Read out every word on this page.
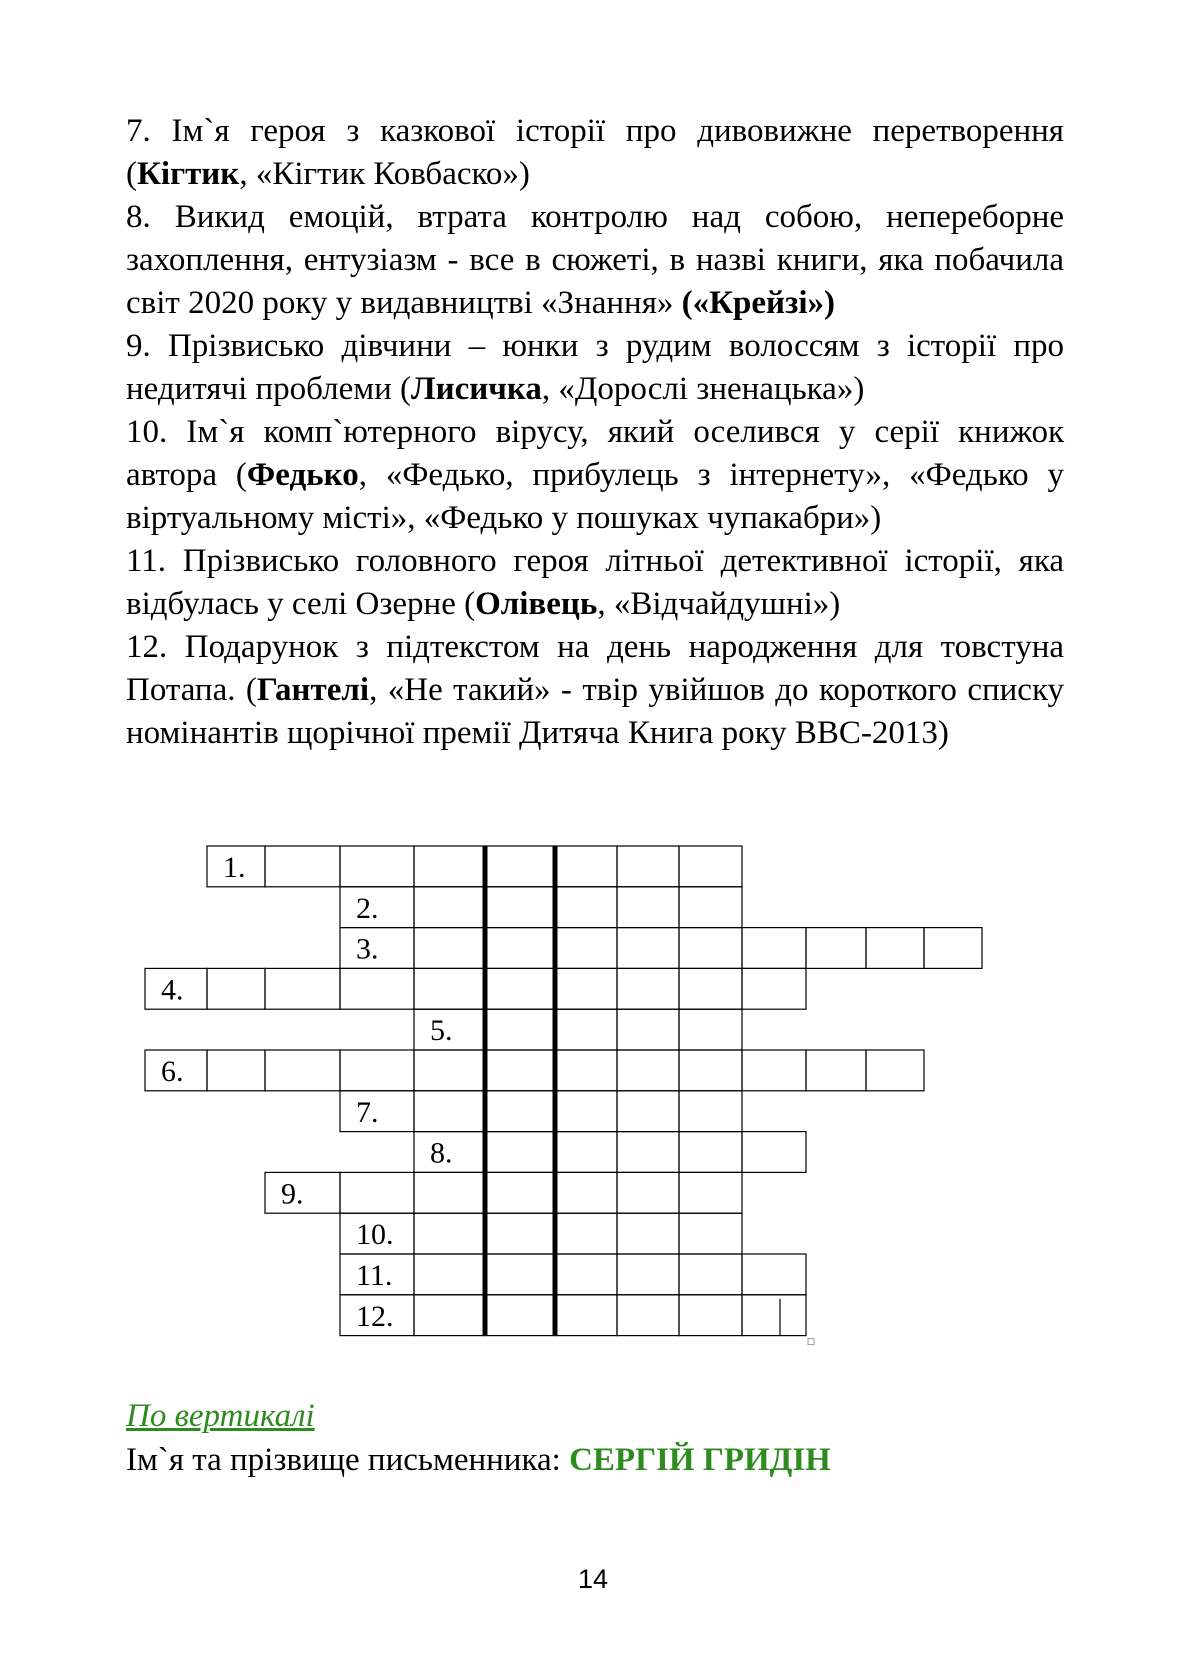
7. Ім`я героя з казкової історії про дивовижне перетворення (Кігтик, «Кігтик Ковбаско»)

8. Викид емоцій, втрата контролю над собою, непереборне захоплення, ентузіазм - все в сюжеті, в назві книги, яка побачила світ 2020 року у видавництві «Знання» («Крейзі»)

9. Прізвисько дівчини – юнки з рудим волоссям з історії про недитячі проблеми (Лисичка, «Дорослі зненацька»)

10. Ім`я комп`ютерного вірусу, який оселився у серії книжок автора (Федько, «Федько, прибулець з інтернету», «Федько у віртуальному місті», «Федько у пошуках чупакабри»)

11. Прізвисько головного героя літньої детективної історії, яка відбулась у селі Озерне (Олівець, «Відчайдушні»)

12. Подарунок з підтекстом на день народження для товстуна Потапа. (Гантелі, «Не такий» - твір увійшов до короткого списку номінантів щорічної премії Дитяча Книга року ВВС-2013)

1.
2.
3.
4.
5.
6.
7.
8.
9.
10.
11.
12.
По вертикалі
Ім`я та прізвище письменника: СЕРГІЙ ГРИДІН
14
